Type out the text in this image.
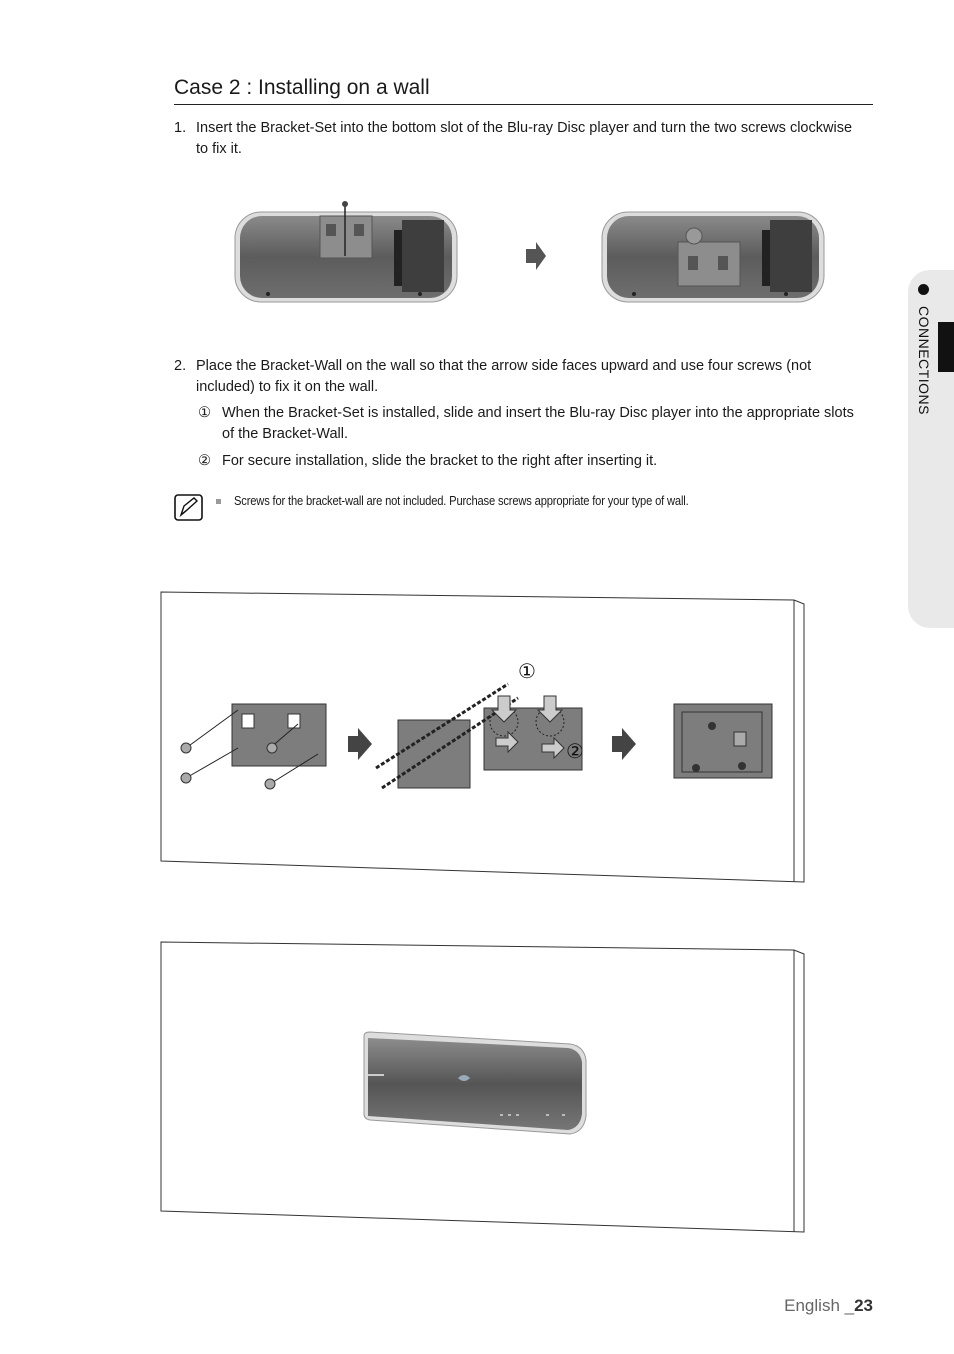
Case 2 : Installing on a wall
1. Insert the Bracket-Set into the bottom slot of the Blu-ray Disc player and turn the two screws clockwise to fix it.
2. Place the Bracket-Wall on the wall so that the arrow side faces upward and use four screws (not included) to fix it on the wall.
① When the Bracket-Set is installed, slide and insert the Blu-ray Disc player into the appropriate slots of the Bracket-Wall.
② For secure installation, slide the bracket to the right after inserting it.
Screws for the bracket-wall are not included. Purchase screws appropriate for your type of wall.
①
②
CONNECTIONS
English _23
